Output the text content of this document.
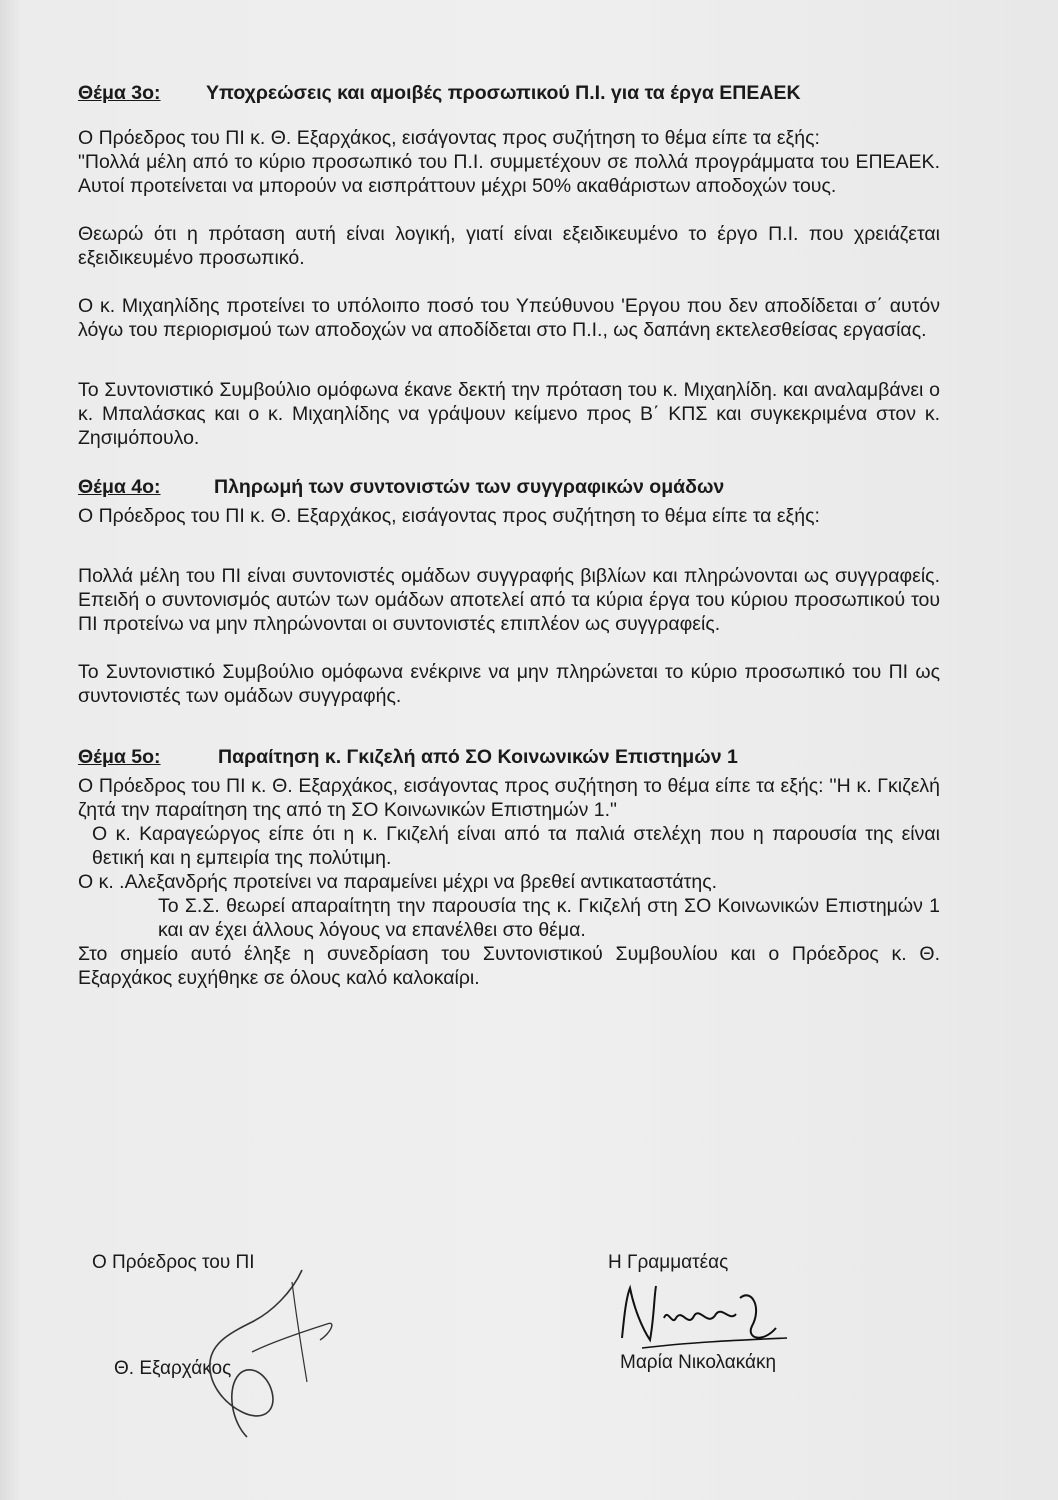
Θέμα 3ο:	Υποχρεώσεις και αμοιβές προσωπικού Π.Ι. για τα έργα ΕΠΕΑΕΚ

Ο Πρόεδρος του ΠΙ κ. Θ. Εξαρχάκος, εισάγοντας προς συζήτηση το θέμα είπε τα εξής:

"Πολλά μέλη από το κύριο προσωπικό του Π.Ι. συμμετέχουν σε πολλά προγράμματα του ΕΠΕΑΕΚ. Αυτοί προτείνεται να μπορούν να εισπράττουν μέχρι 50% ακαθάριστων αποδοχών τους.

Θεωρώ ότι η πρόταση αυτή είναι λογική, γιατί είναι εξειδικευμένο το έργο Π.Ι. που χρειάζεται εξειδικευμένο προσωπικό.

Ο κ. Μιχαηλίδης προτείνει το υπόλοιπο ποσό του Υπεύθυνου 'Εργου που δεν αποδίδεται σ΄ αυτόν λόγω του περιορισμού των αποδοχών να αποδίδεται στο Π.Ι., ως δαπάνη εκτελεσθείσας εργασίας.

Το Συντονιστικό Συμβούλιο ομόφωνα έκανε δεκτή την πρόταση του κ. Μιχαηλίδη. και αναλαμβάνει ο κ. Μπαλάσκας και ο κ. Μιχαηλίδης να γράψουν κείμενο προς Β΄ ΚΠΣ και συγκεκριμένα στον κ. Ζησιμόπουλο.

Θέμα 4ο:	Πληρωμή των συντονιστών των συγγραφικών ομάδων

Ο Πρόεδρος του ΠΙ κ. Θ. Εξαρχάκος, εισάγοντας προς συζήτηση το θέμα είπε τα εξής:

Πολλά μέλη του ΠΙ είναι συντονιστές ομάδων συγγραφής βιβλίων και πληρώνονται ως συγγραφείς. Επειδή ο συντονισμός αυτών των ομάδων αποτελεί από τα κύρια έργα του κύριου προσωπικού του ΠΙ προτείνω να μην πληρώνονται οι συντονιστές επιπλέον ως συγγραφείς.

Το Συντονιστικό Συμβούλιο ομόφωνα ενέκρινε να μην πληρώνεται το κύριο προσωπικό του ΠΙ ως συντονιστές των ομάδων συγγραφής.

Θέμα 5ο:	Παραίτηση κ. Γκιζελή από ΣΟ Κοινωνικών Επιστημών 1

Ο Πρόεδρος του ΠΙ κ. Θ. Εξαρχάκος, εισάγοντας προς συζήτηση το θέμα είπε τα εξής: ''Η κ. Γκιζελή ζητά την παραίτηση της από τη ΣΟ Κοινωνικών Επιστημών 1."

Ο κ. Καραγεώργος είπε ότι η κ. Γκιζελή είναι από τα παλιά στελέχη που η παρουσία της είναι θετική και η εμπειρία της πολύτιμη.

Ο κ. .Αλεξανδρής προτείνει να παραμείνει μέχρι να βρεθεί αντικαταστάτης.

Το Σ.Σ. θεωρεί απαραίτητη την παρουσία της κ. Γκιζελή στη ΣΟ Κοινωνικών Επιστημών 1 και αν έχει άλλους λόγους να επανέλθει στο θέμα.

Στο σημείο αυτό έληξε η συνεδρίαση του Συντονιστικού Συμβουλίου και ο Πρόεδρος κ. Θ. Εξαρχάκος ευχήθηκε σε όλους καλό καλοκαίρι.

Ο Πρόεδρος του ΠΙ
Θ. Εξαρχάκος
Η Γραμματέας
Μαρία Νικολακάκη
